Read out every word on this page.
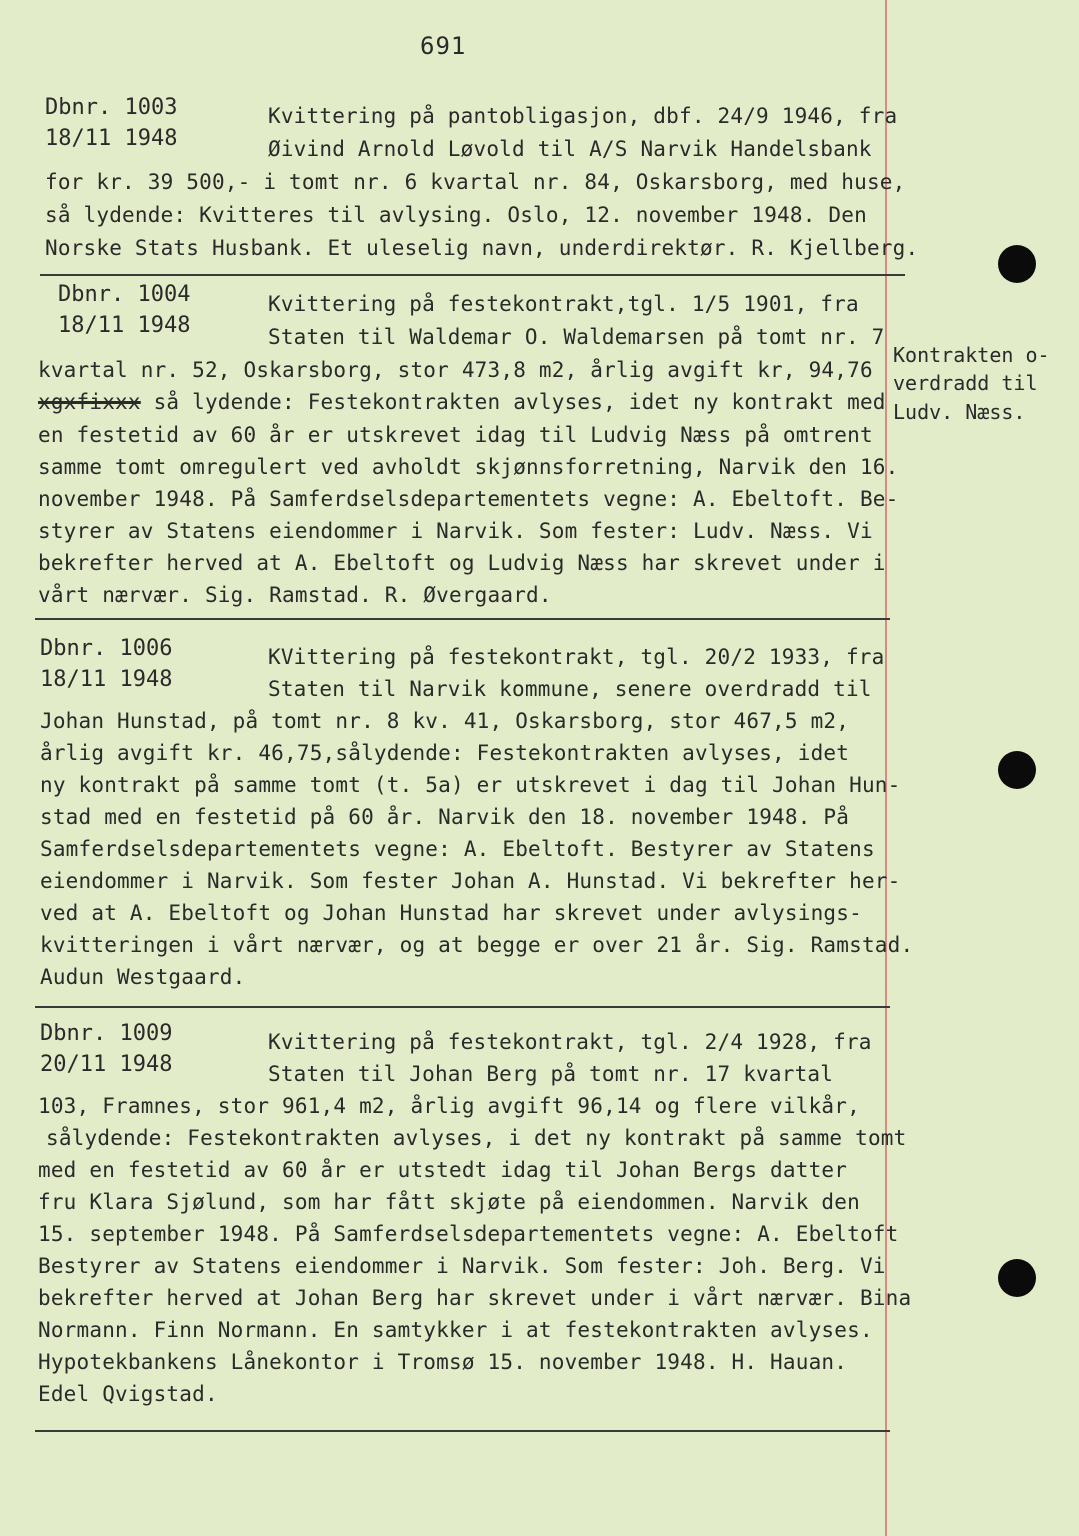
691
Dbnr. 1003
18/11 1948
Kvittering på pantobligasjon, dbf. 24/9 1946, fra
Øivind Arnold Løvold til A/S Narvik Handelsbank
for kr. 39 500,- i tomt nr. 6 kvartal nr. 84, Oskarsborg, med huse,
så lydende: Kvitteres til avlysing. Oslo, 12. november 1948. Den
Norske Stats Husbank. Et uleselig navn, underdirektør. R. Kjellberg.
Dbnr. 1004
18/11 1948
Kvittering på festekontrakt,tgl. 1/5 1901, fra
Staten til Waldemar O. Waldemarsen på tomt nr. 7
kvartal nr. 52, Oskarsborg, stor 473,8 m2, årlig avgift kr, 94,76
xgxfixxx så lydende: Festekontrakten avlyses, idet ny kontrakt med
en festetid av 60 år er utskrevet idag til Ludvig Næss på omtrent
samme tomt omregulert ved avholdt skjønnsforretning, Narvik den 16.
november 1948. På Samferdselsdepartementets vegne: A. Ebeltoft. Be-
styrer av Statens eiendommer i Narvik. Som fester: Ludv. Næss. Vi
bekrefter herved at A. Ebeltoft og Ludvig Næss har skrevet under i
vårt nærvær. Sig. Ramstad. R. Øvergaard.
Kontrakten o-
verdradd til
Ludv. Næss.
Dbnr. 1006
18/11 1948
KVittering på festekontrakt, tgl. 20/2 1933, fra
Staten til Narvik kommune, senere overdradd til
Johan Hunstad, på tomt nr. 8 kv. 41, Oskarsborg, stor 467,5 m2,
årlig avgift kr. 46,75,sålydende: Festekontrakten avlyses, idet
ny kontrakt på samme tomt (t. 5a) er utskrevet i dag til Johan Hun-
stad med en festetid på 60 år. Narvik den 18. november 1948. På
Samferdselsdepartementets vegne: A. Ebeltoft. Bestyrer av Statens
eiendommer i Narvik. Som fester Johan A. Hunstad. Vi bekrefter her-
ved at A. Ebeltoft og Johan Hunstad har skrevet under avlysings-
kvitteringen i vårt nærvær, og at begge er over 21 år. Sig. Ramstad.
Audun Westgaard.
Dbnr. 1009
20/11 1948
Kvittering på festekontrakt, tgl. 2/4 1928, fra
Staten til Johan Berg på tomt nr. 17 kvartal
103, Framnes, stor 961,4 m2, årlig avgift 96,14 og flere vilkår,
sålydende: Festekontrakten avlyses, i det ny kontrakt på samme tomt
med en festetid av 60 år er utstedt idag til Johan Bergs datter
fru Klara Sjølund, som har fått skjøte på eiendommen. Narvik den
15. september 1948. På Samferdselsdepartementets vegne: A. Ebeltoft
Bestyrer av Statens eiendommer i Narvik. Som fester: Joh. Berg. Vi
bekrefter herved at Johan Berg har skrevet under i vårt nærvær. Bina
Normann. Finn Normann. En samtykker i at festekontrakten avlyses.
Hypotekbankens Lånekontor i Tromsø 15. november 1948. H. Hauan.
Edel Qvigstad.
